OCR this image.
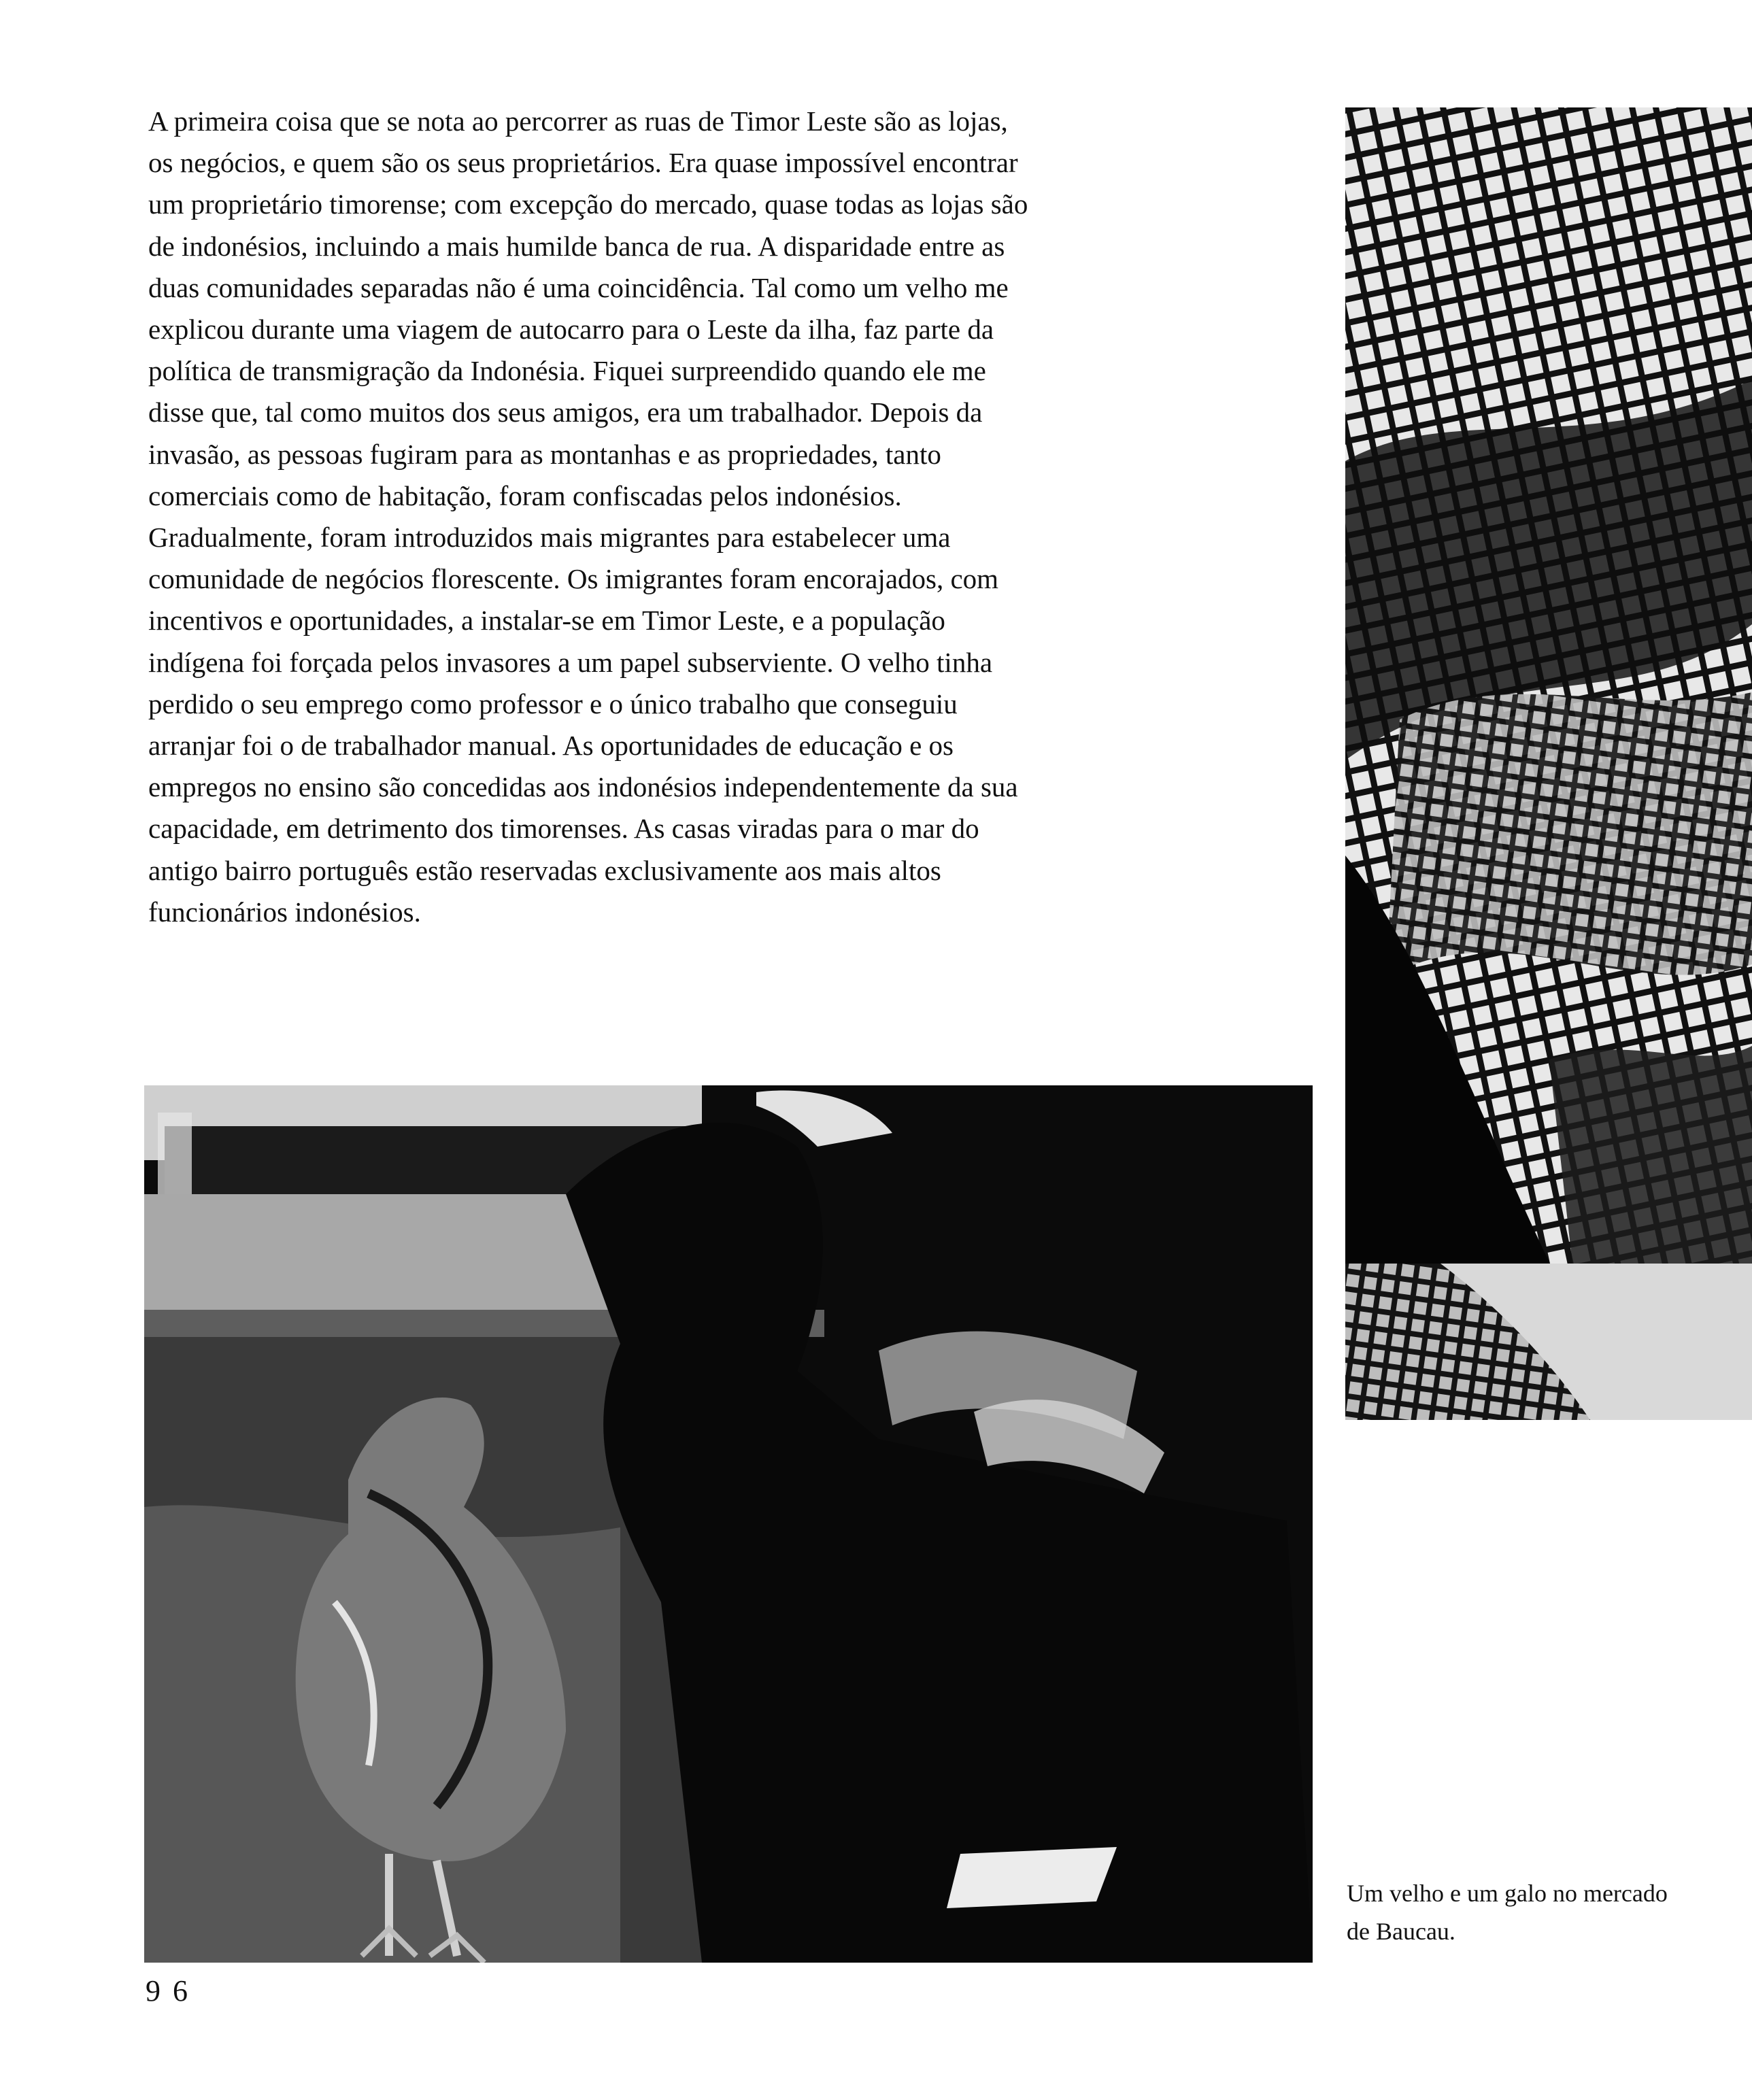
A primeira coisa que se nota ao percorrer as ruas de Timor Leste são as lojas, os negócios, e quem são os seus proprietários. Era quase impossível encontrar um proprietário timorense; com excepção do mercado, quase todas as lojas são de indonésios, incluindo a mais humilde banca de rua. A disparidade entre as duas comunidades separadas não é uma coincidência. Tal como um velho me explicou durante uma viagem de autocarro para o Leste da ilha, faz parte da política de transmigração da Indonésia. Fiquei surpreendido quando ele me disse que, tal como muitos dos seus amigos, era um trabalhador. Depois da invasão, as pessoas fugiram para as montanhas e as propriedades, tanto comerciais como de habitação, foram confiscadas pelos indonésios. Gradualmente, foram introduzidos mais migrantes para estabelecer uma comunidade de negócios florescente. Os imigrantes foram encorajados, com incentivos e oportunidades, a instalar-se em Timor Leste, e a população indígena foi forçada pelos invasores a um papel subserviente. O velho tinha perdido o seu emprego como professor e o único trabalho que conseguiu arranjar foi o de trabalhador manual. As oportunidades de educação e os empregos no ensino são concedidas aos indonésios independentemente da sua capacidade, em detrimento dos timorenses. As casas viradas para o mar do antigo bairro português estão reservadas exclusivamente aos mais altos funcionários indonésios.

Um velho e um galo no mercado
de Baucau.

96
